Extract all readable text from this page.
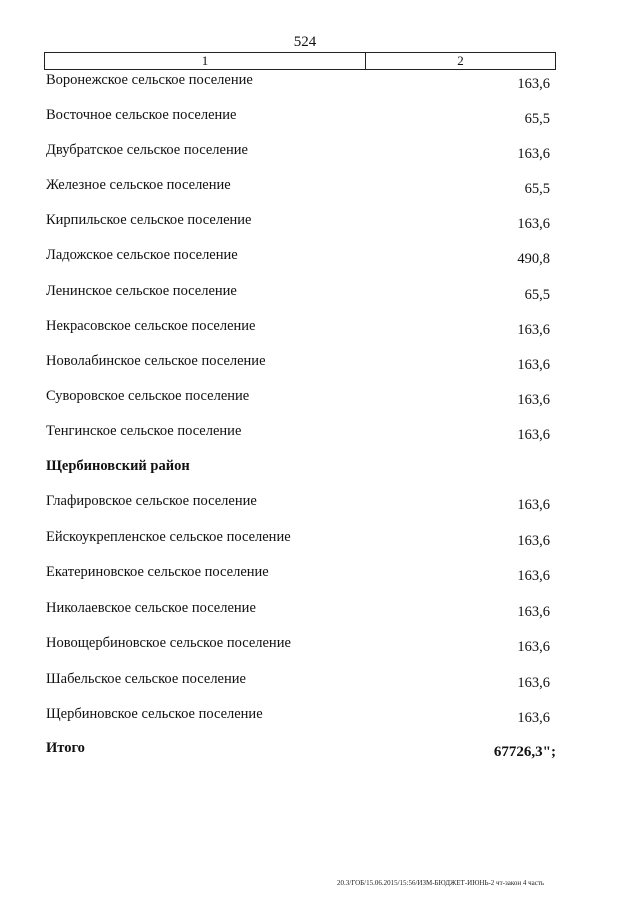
524
1	2
Воронежское сельское поселение	163,6
Восточное сельское поселение	65,5
Двубратское сельское поселение	163,6
Железное сельское поселение	65,5
Кирпильское сельское поселение	163,6
Ладожское сельское поселение	490,8
Ленинское сельское поселение	65,5
Некрасовское сельское поселение	163,6
Новолабинское сельское поселение	163,6
Суворовское сельское поселение	163,6
Тенгинское сельское поселение	163,6
Щербиновский район
Глафировское сельское поселение	163,6
Ейскоукрепленское сельское поселение	163,6
Екатериновское сельское поселение	163,6
Николаевское сельское поселение	163,6
Новощербиновское сельское поселение	163,6
Шабельское сельское поселение	163,6
Щербиновское сельское поселение	163,6
Итого	67726,3";
20.3/ГОБ/15.06.2015/15:56/ИЗМ-БЮДЖЕТ-ИЮНЬ-2 чт-закон 4 часть
